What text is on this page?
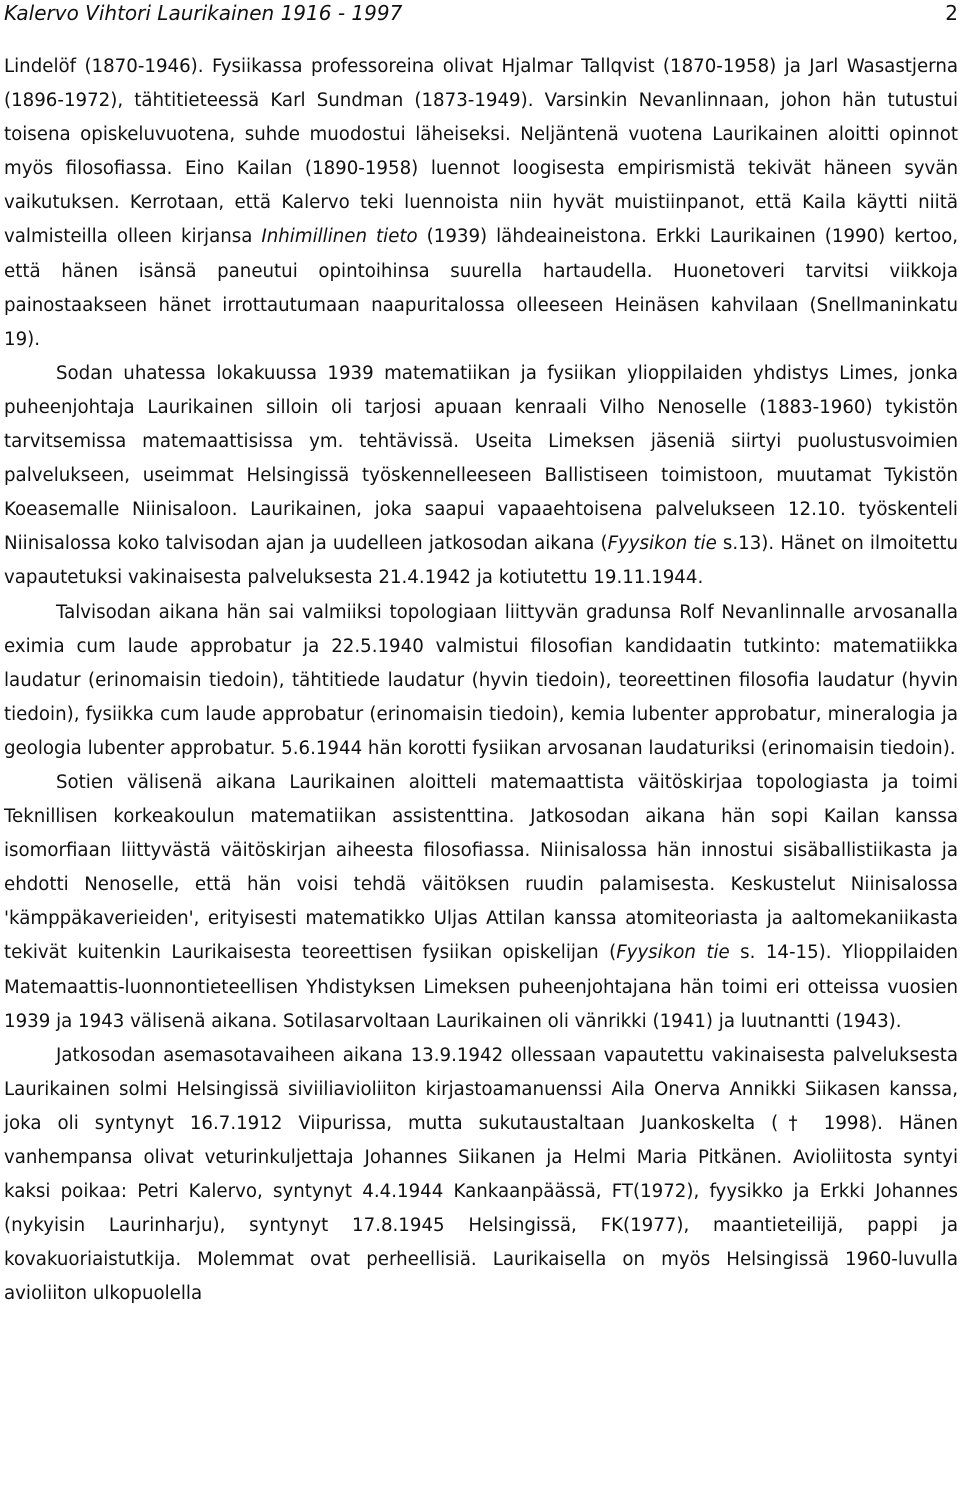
Kalervo Vihtori Laurikainen 1916 - 1997	2

Lindelöf (1870-1946). Fysiikassa professoreina olivat Hjalmar Tallqvist (1870-1958) ja Jarl Wasastjerna (1896-1972), tähtitieteessä Karl Sundman (1873-1949). Varsinkin Nevanlinnaan, johon hän tutustui toisena opiskeluvuotena, suhde muodostui läheiseksi. Neljäntenä vuotena Laurikainen aloitti opinnot myös filosofiassa. Eino Kailan (1890-1958) luennot loogisesta empirismistä tekivät häneen syvän vaikutuksen. Kerrotaan, että Kalervo teki luennoista niin hyvät muistiinpanot, että Kaila käytti niitä valmisteilla olleen kirjansa Inhimillinen tieto (1939) lähdeaineistona. Erkki Laurikainen (1990) kertoo, että hänen isänsä paneutui opintoihinsa suurella hartaudella. Huonetoveri tarvitsi viikkoja painostaakseen hänet irrottautumaan naapuritalossa olleeseen Heinäsen kahvilaan (Snellmaninkatu 19).

Sodan uhatessa lokakuussa 1939 matematiikan ja fysiikan ylioppilaiden yhdistys Limes, jonka puheenjohtaja Laurikainen silloin oli tarjosi apuaan kenraali Vilho Nenoselle (1883-1960) tykistön tarvitsemissa matemaattisissa ym. tehtävissä. Useita Limeksen jäseniä siirtyi puolustusvoimien palvelukseen, useimmat Helsingissä työskennelleeseen Ballistiseen toimistoon, muutamat Tykistön Koeasemalle Niinisaloon. Laurikainen, joka saapui vapaaehtoisena palvelukseen 12.10. työskenteli Niinisalossa koko talvisodan ajan ja uudelleen jatkosodan aikana (Fyysikon tie s.13). Hänet on ilmoitettu vapautetuksi vakinaisesta palveluksesta 21.4.1942 ja kotiutettu 19.11.1944.

Talvisodan aikana hän sai valmiiksi topologiaan liittyvän gradunsa Rolf Nevanlinnalle arvosanalla eximia cum laude approbatur ja 22.5.1940 valmistui filosofian kandidaatin tutkinto: matematiikka laudatur (erinomaisin tiedoin), tähtitiede laudatur (hyvin tiedoin), teoreettinen filosofia laudatur (hyvin tiedoin), fysiikka cum laude approbatur (erinomaisin tiedoin), kemia lubenter approbatur, mineralogia ja geologia lubenter approbatur. 5.6.1944 hän korotti fysiikan arvosanan laudaturiksi (erinomaisin tiedoin).

Sotien välisenä aikana Laurikainen aloitteli matemaattista väitöskirjaa topologiasta ja toimi Teknillisen korkeakoulun matematiikan assistenttina. Jatkosodan aikana hän sopi Kailan kanssa isomorfiaan liittyvästä väitöskirjan aiheesta filosofiassa. Niinisalossa hän innostui sisäballistiikasta ja ehdotti Nenoselle, että hän voisi tehdä väitöksen ruudin palamisesta. Keskustelut Niinisalossa 'kämppäkaverieiden', erityisesti matematikko Uljas Attilan kanssa atomiteoriasta ja aaltomekaniikasta tekivät kuitenkin Laurikaisesta teoreettisen fysiikan opiskelijan (Fyysikon tie s. 14-15). Ylioppilaiden Matemaattis-luonnontieteellisen Yhdistyksen Limeksen puheenjohtajana hän toimi eri otteissa vuosien 1939 ja 1943 välisenä aikana. Sotilasarvoltaan Laurikainen oli vänrikki (1941) ja luutnantti (1943).

Jatkosodan asemasotavaiheen aikana 13.9.1942 ollessaan vapautettu vakinaisesta palveluksesta Laurikainen solmi Helsingissä siviiliavioliiton kirjastoamanuenssi Aila Onerva Annikki Siikasen kanssa, joka oli syntynyt 16.7.1912 Viipurissa, mutta sukutaustaltaan Juankoskelta († 1998). Hänen vanhempansa olivat veturinkuljettaja Johannes Siikanen ja Helmi Maria Pitkänen. Avioliitosta syntyi kaksi poikaa: Petri Kalervo, syntynyt 4.4.1944 Kankaanpäässä, FT(1972), fyysikko ja Erkki Johannes (nykyisin Laurinharju), syntynyt 17.8.1945 Helsingissä, FK(1977), maantieteilijä, pappi ja kovakuoriaistutkija. Molemmat ovat perheellisiä. Laurikaisella on myös Helsingissä 1960-luvulla avioliiton ulkopuolella
